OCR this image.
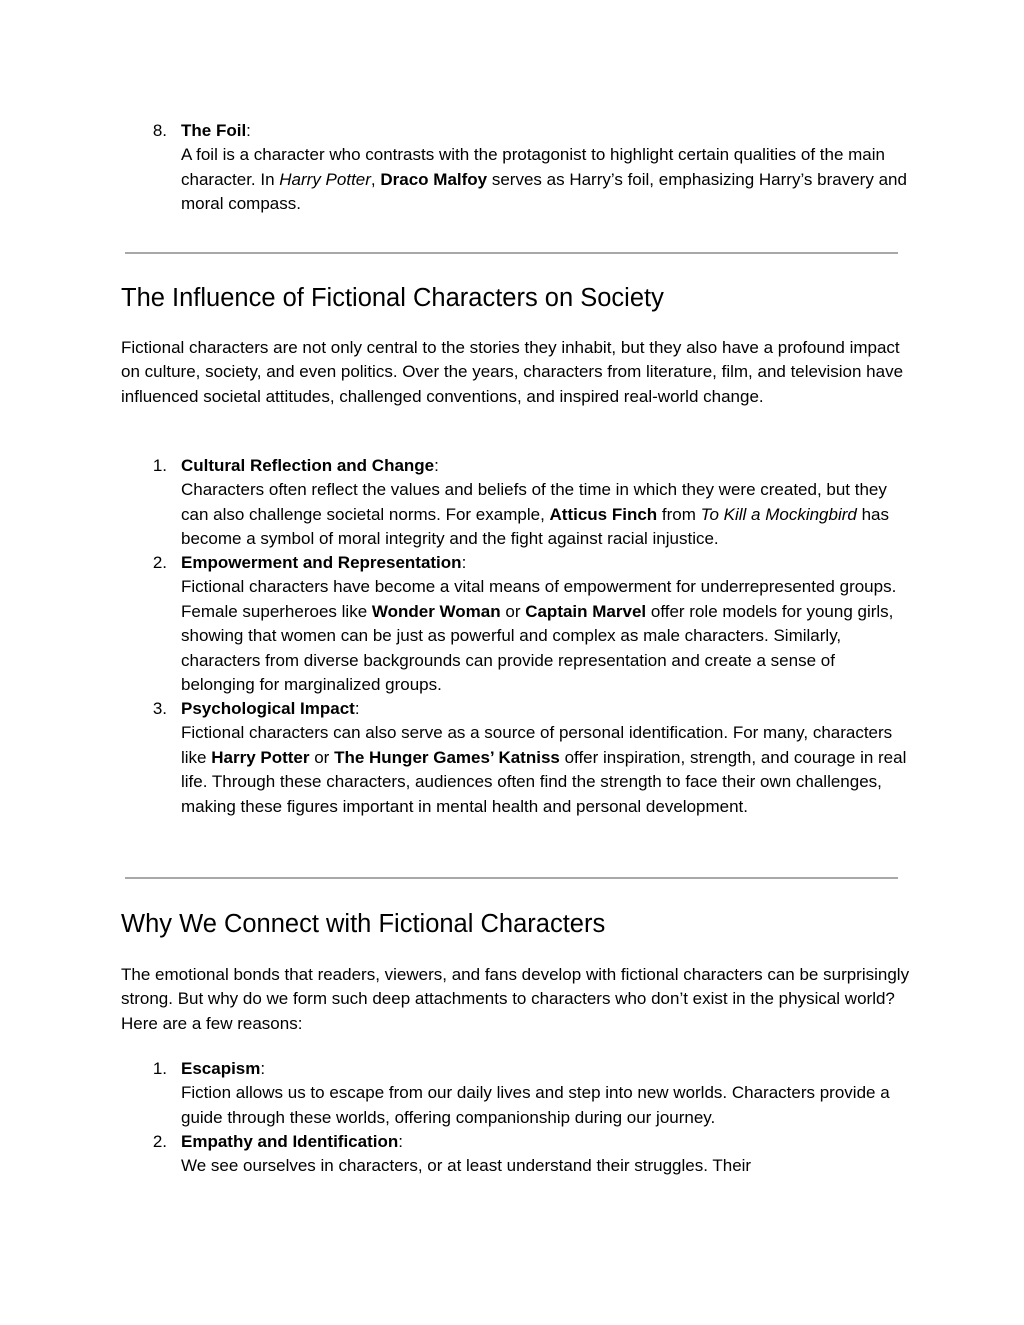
8. The Foil:
A foil is a character who contrasts with the protagonist to highlight certain qualities of the main character. In Harry Potter, Draco Malfoy serves as Harry’s foil, emphasizing Harry’s bravery and moral compass.
The Influence of Fictional Characters on Society

Fictional characters are not only central to the stories they inhabit, but they also have a profound impact on culture, society, and even politics. Over the years, characters from literature, film, and television have influenced societal attitudes, challenged conventions, and inspired real-world change.

1. Cultural Reflection and Change:
Characters often reflect the values and beliefs of the time in which they were created, but they can also challenge societal norms. For example, Atticus Finch from To Kill a Mockingbird has become a symbol of moral integrity and the fight against racial injustice.
2. Empowerment and Representation:
Fictional characters have become a vital means of empowerment for underrepresented groups. Female superheroes like Wonder Woman or Captain Marvel offer role models for young girls, showing that women can be just as powerful and complex as male characters. Similarly, characters from diverse backgrounds can provide representation and create a sense of belonging for marginalized groups.
3. Psychological Impact:
Fictional characters can also serve as a source of personal identification. For many, characters like Harry Potter or The Hunger Games’ Katniss offer inspiration, strength, and courage in real life. Through these characters, audiences often find the strength to face their own challenges, making these figures important in mental health and personal development.
Why We Connect with Fictional Characters

The emotional bonds that readers, viewers, and fans develop with fictional characters can be surprisingly strong. But why do we form such deep attachments to characters who don’t exist in the physical world? Here are a few reasons:

1. Escapism:
Fiction allows us to escape from our daily lives and step into new worlds. Characters provide a guide through these worlds, offering companionship during our journey.
2. Empathy and Identification:
We see ourselves in characters, or at least understand their struggles. Their
